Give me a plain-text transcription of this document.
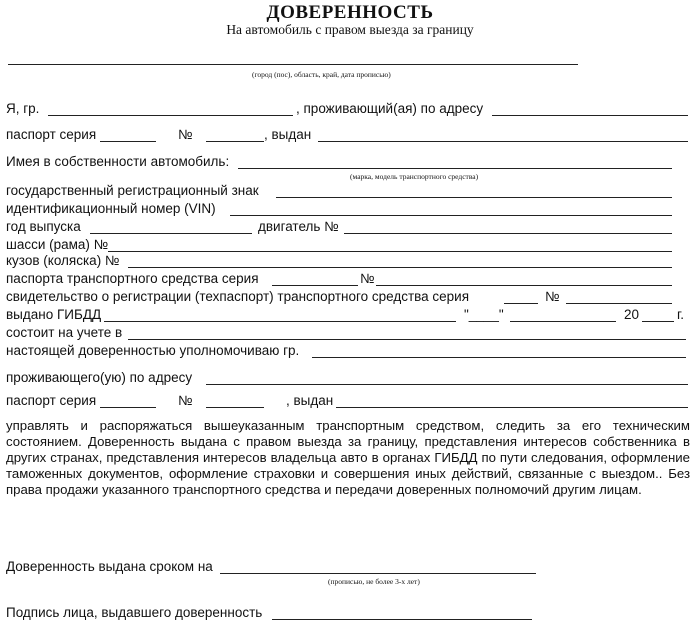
ДОВЕРЕННОСТЬ
На автомобиль с правом выезда за границу
(город (пос), область, край, дата прописью)
Я, гр.	, проживающий(ая) по адресу
паспорт серия	№	, выдан
Имея в собственности автомобиль:
(марка, модель транспортного средства)
государственный регистрационный знак
идентификационный номер (VIN)
год выпуска	двигатель №
шасси (рама) №
кузов (коляска) №
паспорта транспортного средства серия	№
свидетельство о регистрации (техпаспорт) транспортного средства серия	№
выдано ГИБДД	"____"	20	г.
состоит на учете в
настоящей доверенностью уполномочиваю гр.
проживающего(ую) по адресу
паспорт серия	№	, выдан
управлять и распоряжаться вышеуказанным транспортным средством, следить за его техническим состоянием. Доверенность выдана с правом выезда за границу, представления интересов собственника в других странах, представления интересов владельца авто в органах ГИБДД по пути следования, оформление таможенных документов, оформление страховки и совершения иных действий, связанные с выездом.. Без права продажи указанного транспортного средства и передачи доверенных полномочий другим лицам.
Доверенность выдана сроком на
(прописью, не более 3-х лет)
Подпись лица, выдавшего доверенность
